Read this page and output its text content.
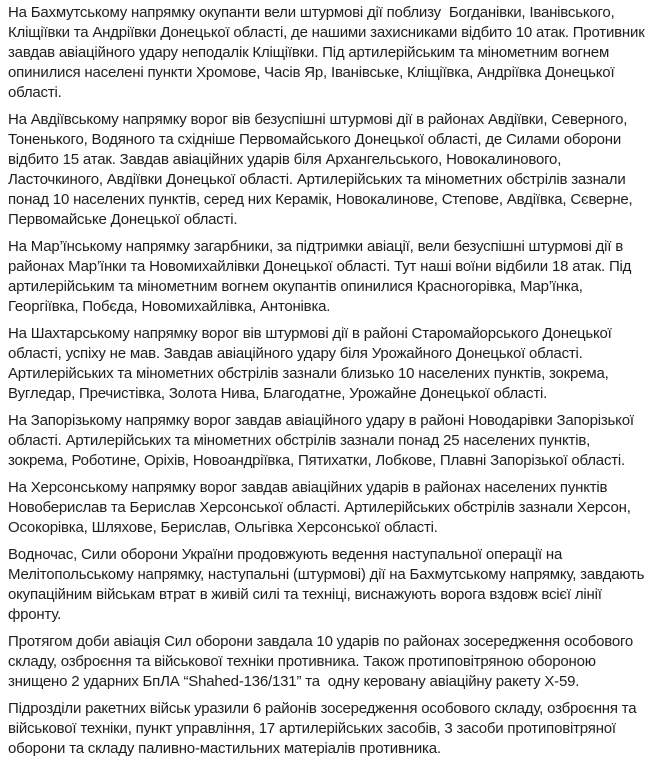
На Бахмутському напрямку окупанти вели штурмові дії поблизу  Богданівки, Іванівського, Кліщіївки та Андріївки Донецької області, де нашими захисниками відбито 10 атак. Противник завдав авіаційного удару неподалік Кліщіївки. Під артилерійським та мінометним вогнем опинилися населені пункти Хромове, Часів Яр, Іванівське, Кліщіївка, Андріївка Донецької області.

На Авдіївському напрямку ворог вів безуспішні штурмові дії в районах Авдіївки, Северного, Тоненького, Водяного та східніше Первомайського Донецької області, де Силами оборони відбито 15 атак. Завдав авіаційних ударів біля Архангельського, Новокалинового, Ласточкиного, Авдіївки Донецької області. Артилерійських та мінометних обстрілів зазнали понад 10 населених пунктів, серед них Керамік, Новокалинове, Степове, Авдіївка, Сєверне, Первомайське Донецької області.

На Мар’їнському напрямку загарбники, за підтримки авіації, вели безуспішні штурмові дії в районах Мар’їнки та Новомихайлівки Донецької області. Тут наші воїни відбили 18 атак. Під артилерійським та мінометним вогнем окупантів опинилися Красногорівка, Мар’їнка, Георгіївка, Побєда, Новомихайлівка, Антонівка.

На Шахтарському напрямку ворог вів штурмові дії в районі Старомайорського Донецької області, успіху не мав. Завдав авіаційного удару біля Урожайного Донецької області. Артилерійських та мінометних обстрілів зазнали близько 10 населених пунктів, зокрема, Вугледар, Пречистівка, Золота Нива, Благодатне, Урожайне Донецької області.

На Запорізькому напрямку ворог завдав авіаційного удару в районі Новодарівки Запорізької області. Артилерійських та мінометних обстрілів зазнали понад 25 населених пунктів, зокрема, Роботине, Оріхів, Новоандріївка, Пятихатки, Лобкове, Плавні Запорізької області.

На Херсонському напрямку ворог завдав авіаційних ударів в районах населених пунктів Новоберислав та Берислав Херсонської області. Артилерійських обстрілів зазнали Херсон, Осокорівка, Шляхове, Берислав, Ольгівка Херсонської області.

Водночас, Сили оборони України продовжують ведення наступальної операції на Мелітопольському напрямку, наступальні (штурмові) дії на Бахмутському напрямку, завдають окупаційним військам втрат в живій силі та техніці, виснажують ворога вздовж всієї лінії фронту.

Протягом доби авіація Сил оборони завдала 10 ударів по районах зосередження особового складу, озброєння та військової техніки противника. Також протиповітряною обороною знищено 2 ударних БпЛА “Shahed-136/131” та  одну керовану авіаційну ракету Х-59.

Підрозділи ракетних військ уразили 6 районів зосередження особового складу, озброєння та військової техніки, пункт управління, 17 артилерійських засобів, 3 засоби протиповітряної оборони та складу паливно-мастильних матеріалів противника.
